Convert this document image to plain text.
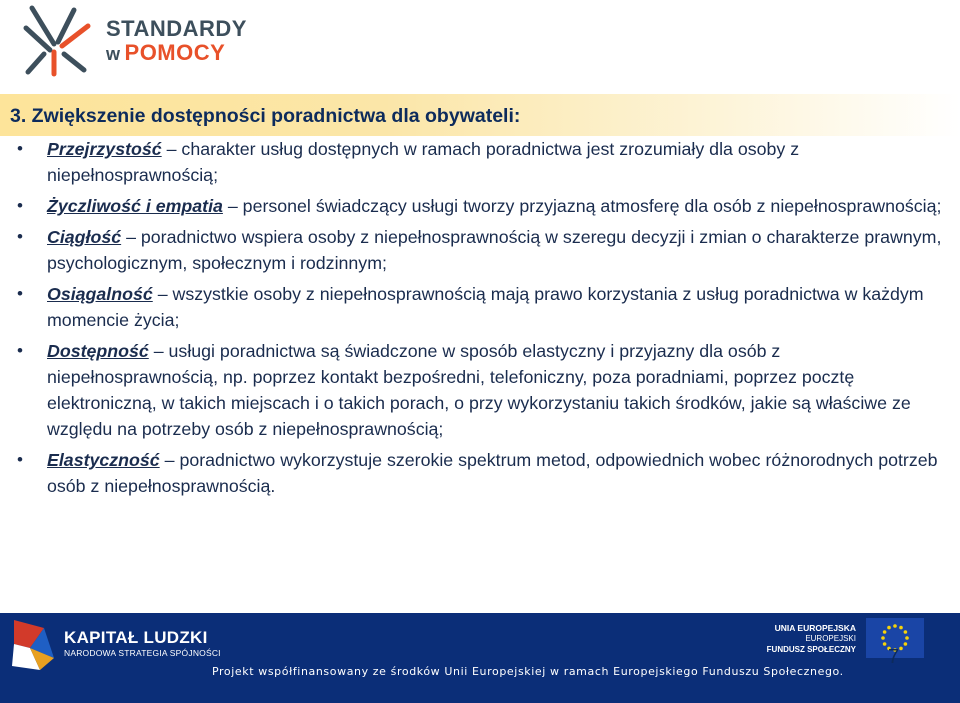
STANDARDY
w POMOCY
3. Zwiększenie dostępności poradnictwa dla obywateli:
• Przejrzystość – charakter usług dostępnych w ramach poradnictwa jest zrozumiały dla osoby z niepełnosprawnością;
• Życzliwość i empatia – personel świadczący usługi tworzy przyjazną atmosferę dla osób z niepełnosprawnością;
• Ciągłość – poradnictwo wspiera osoby z niepełnosprawnością w szeregu decyzji i zmian o charakterze prawnym, psychologicznym, społecznym i rodzinnym;
• Osiągalność – wszystkie osoby z niepełnosprawnością mają prawo korzystania z usług poradnictwa w każdym momencie życia;
• Dostępność – usługi poradnictwa są świadczone w sposób elastyczny i przyjazny dla osób z niepełnosprawnością, np. poprzez kontakt bezpośredni, telefoniczny, poza poradniami, poprzez pocztę elektroniczną, w takich miejscach i o takich porach, o przy wykorzystaniu takich środków, jakie są właściwe ze względu na potrzeby osób z niepełnosprawnością;
• Elastyczność – poradnictwo wykorzystuje szerokie spektrum metod, odpowiednich wobec różnorodnych potrzeb osób z niepełnosprawnością.
KAPITAŁ LUDZKI
NARODOWA STRATEGIA SPÓJNOŚCI
UNIA EUROPEJSKA
EUROPEJSKI
FUNDUSZ SPOŁECZNY 7
Projekt współfinansowany ze środków Unii Europejskiej w ramach Europejskiego Funduszu Społecznego.
